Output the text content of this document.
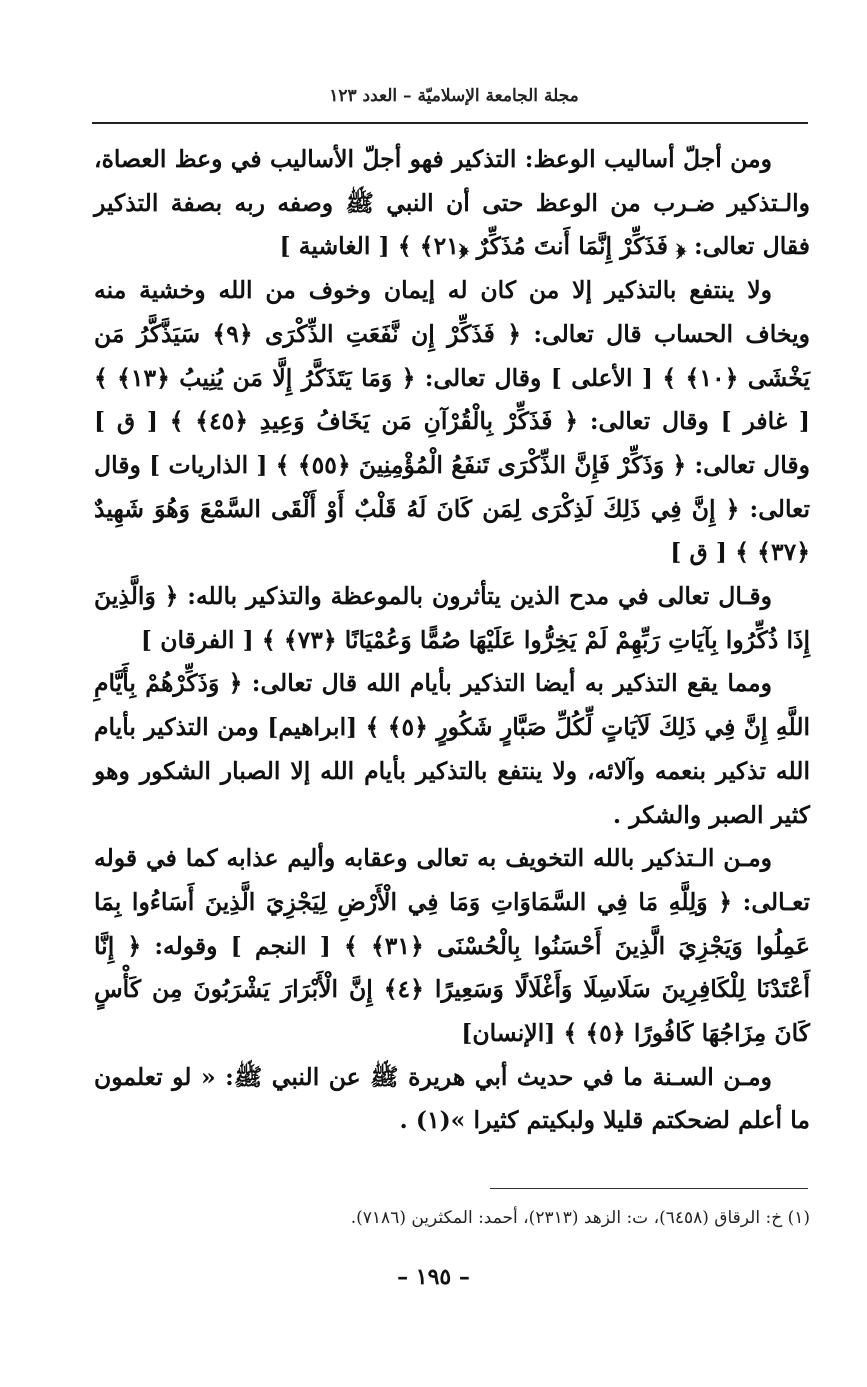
مجلة الجامعة الإسلاميّة – العدد ١٢٣

ومن أجلّ أساليب الوعظ: التذكير فهو أجلّ الأساليب في وعظ العصاة، والـتذكير ضـرب من الوعظ حتى أن النبي ﷺ وصفه ربه بصفة التذكير فقال تعالى: ﴿ فَذَكِّرْ إِنَّمَا أَنتَ مُذَكِّرٌ ﴿٢١﴾ ﴾ [ الغاشية ]

ولا ينتفع بالتذكير إلا من كان له إيمان وخوف من الله وخشية منه ويخاف الحساب قال تعالى: ﴿ فَذَكِّرْ إِن نَّفَعَتِ الذِّكْرَى ﴿٩﴾ سَيَذَّكَّرُ مَن يَخْشَى ﴿١٠﴾ ﴾ [ الأعلى ] وقال تعالى: ﴿ وَمَا يَتَذَكَّرُ إِلَّا مَن يُنِيبُ ﴿١٣﴾ ﴾ [ غافر ] وقال تعالى: ﴿ فَذَكِّرْ بِالْقُرْآنِ مَن يَخَافُ وَعِيدِ ﴿٤٥﴾ ﴾ [ ق ] وقال تعالى: ﴿ وَذَكِّرْ فَإِنَّ الذِّكْرَى تَنفَعُ الْمُؤْمِنِينَ ﴿٥٥﴾ ﴾ [ الذاريات ] وقال تعالى: ﴿ إِنَّ فِي ذَلِكَ لَذِكْرَى لِمَن كَانَ لَهُ قَلْبٌ أَوْ أَلْقَى السَّمْعَ وَهُوَ شَهِيدٌ ﴿٣٧﴾ ﴾ [ ق ]

وقـال تعالى في مدح الذين يتأثرون بالموعظة والتذكير بالله: ﴿ وَالَّذِينَ إِذَا ذُكِّرُوا بِآيَاتِ رَبِّهِمْ لَمْ يَخِرُّوا عَلَيْهَا صُمًّا وَعُمْيَانًا ﴿٧٣﴾ ﴾ [ الفرقان ]

ومما يقع التذكير به أيضا التذكير بأيام الله قال تعالى: ﴿ وَذَكِّرْهُمْ بِأَيَّامِ اللَّهِ إِنَّ فِي ذَلِكَ لَآيَاتٍ لِّكُلِّ صَبَّارٍ شَكُورٍ ﴿٥﴾ ﴾ [ابراهيم] ومن التذكير بأيام الله تذكير بنعمه وآلائه، ولا ينتفع بالتذكير بأيام الله إلا الصبار الشكور وهو كثير الصبر والشكر .

ومـن الـتذكير بالله التخويف به تعالى وعقابه وأليم عذابه كما في قوله تعـالى: ﴿ وَلِلَّهِ مَا فِي السَّمَاوَاتِ وَمَا فِي الْأَرْضِ لِيَجْزِيَ الَّذِينَ أَسَاءُوا بِمَا عَمِلُوا وَيَجْزِيَ الَّذِينَ أَحْسَنُوا بِالْحُسْنَى ﴿٣١﴾ ﴾ [ النجم ] وقوله: ﴿ إِنَّا أَعْتَدْنَا لِلْكَافِرِينَ سَلَاسِلَا وَأَغْلَالًا وَسَعِيرًا ﴿٤﴾ إِنَّ الْأَبْرَارَ يَشْرَبُونَ مِن كَأْسٍ كَانَ مِزَاجُهَا كَافُورًا ﴿٥﴾ ﴾ [الإنسان]

ومـن السـنة ما في حديث أبي هريرة ﷺ عن النبي ﷺ: « لو تعلمون ما أعلم لضحكتم قليلا ولبكيتم كثيرا »(١) .

(١) خ: الرقاق (٦٤٥٨)، ت: الزهد (٢٣١٣)، أحمد: المكثرين (٧١٨٦).
– ١٩٥ –
